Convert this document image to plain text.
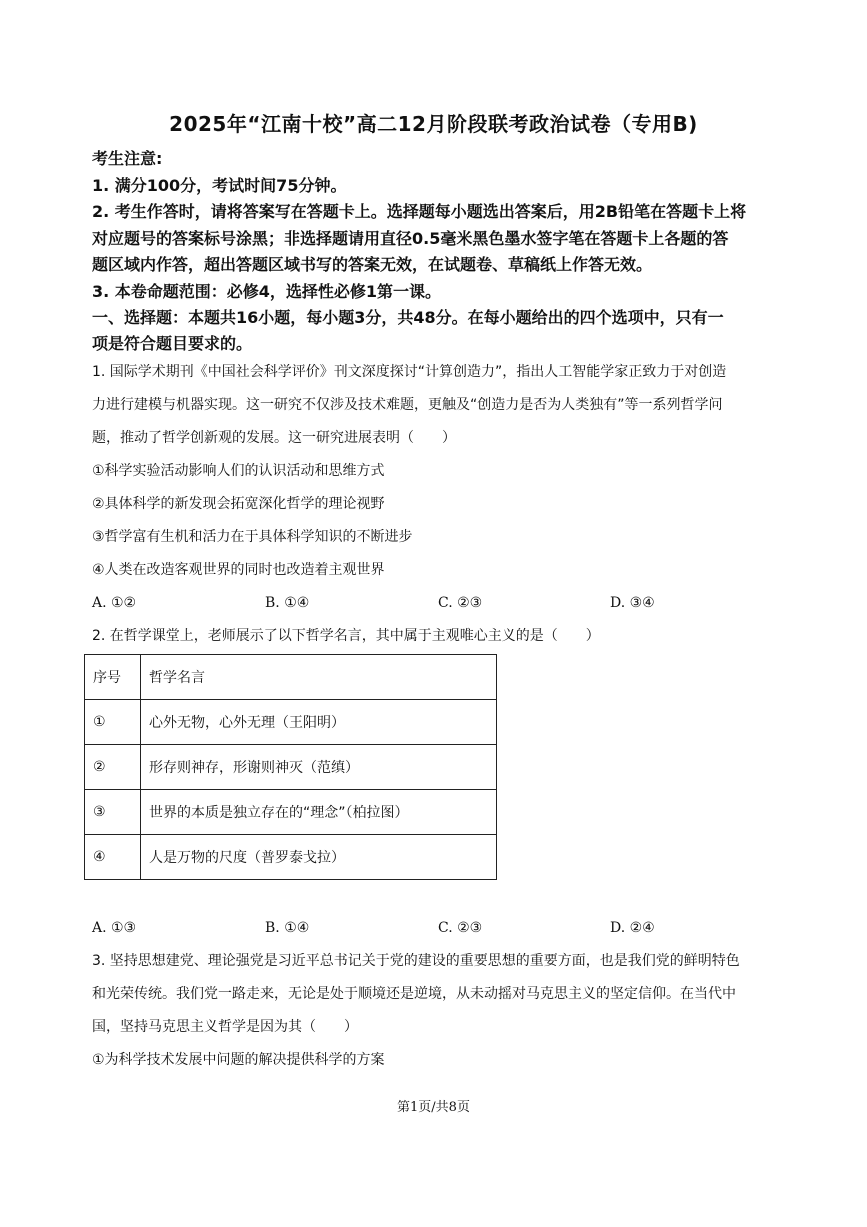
2025年“江南十校”高二12月阶段联考政治试卷（专用B)
考生注意:
1. 满分100分，考试时间75分钟。
2. 考生作答时，请将答案写在答题卡上。选择题每小题选出答案后，用2B铅笔在答题卡上将
对应题号的答案标号涂黑；非选择题请用直径0.5毫米黑色墨水签字笔在答题卡上各题的答
题区域内作答，超出答题区域书写的答案无效，在试题卷、草稿纸上作答无效。
3. 本卷命题范围：必修4，选择性必修1第一课。
一、选择题：本题共16小题，每小题3分，共48分。在每小题给出的四个选项中，只有一
项是符合题目要求的。
1. 国际学术期刊《中国社会科学评价》刊文深度探讨“计算创造力”，指出人工智能学家正致力于对创造
力进行建模与机器实现。这一研究不仅涉及技术难题，更触及“创造力是否为人类独有”等一系列哲学问
题，推动了哲学创新观的发展。这一研究进展表明（　　）
①科学实验活动影响人们的认识活动和思维方式
②具体科学的新发现会拓宽深化哲学的理论视野
③哲学富有生机和活力在于具体科学知识的不断进步
④人类在改造客观世界的同时也改造着主观世界
A. ①②	B. ①④	C. ②③	D. ③④
2. 在哲学课堂上，老师展示了以下哲学名言，其中属于主观唯心主义的是（　　）
序号	哲学名言
①	心外无物，心外无理（王阳明）
②	形存则神存，形谢则神灭（范缜）
③	世界的本质是独立存在的“理念”（柏拉图）
④	人是万物的尺度（普罗泰戈拉）
A. ①③	B. ①④	C. ②③	D. ②④
3. 坚持思想建党、理论强党是习近平总书记关于党的建设的重要思想的重要方面，也是我们党的鲜明特色
和光荣传统。我们党一路走来，无论是处于顺境还是逆境，从未动摇对马克思主义的坚定信仰。在当代中
国，坚持马克思主义哲学是因为其（　　）
①为科学技术发展中问题的解决提供科学的方案
第1页/共8页
